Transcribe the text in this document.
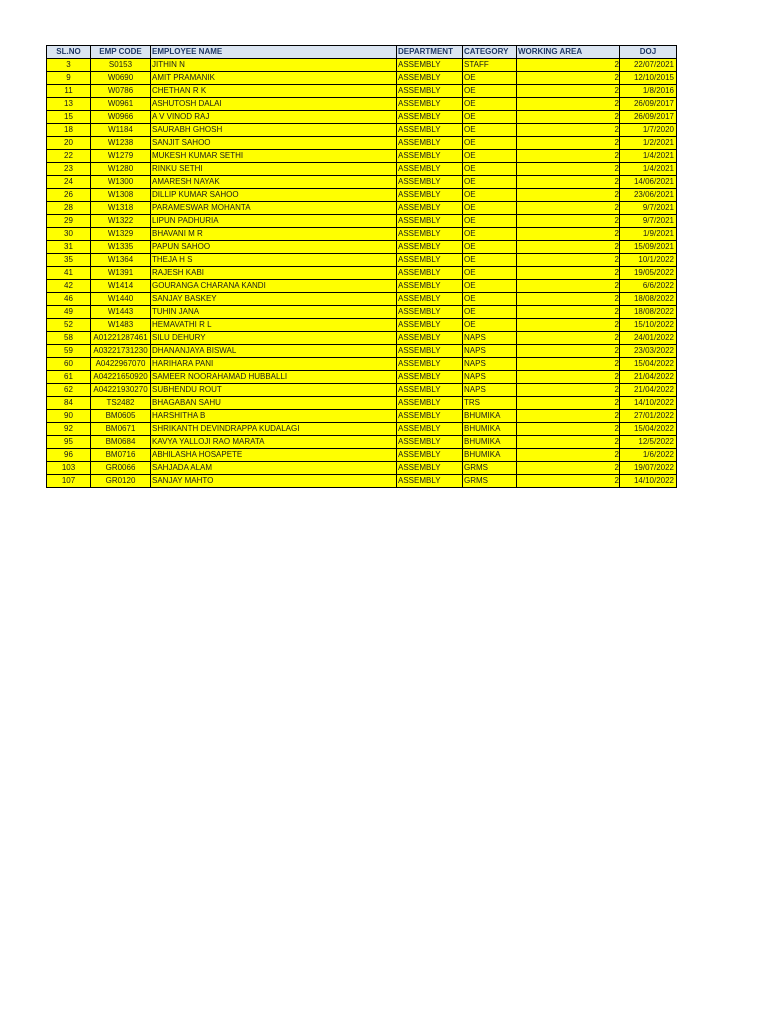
SL.NO	EMP CODE	EMPLOYEE NAME	DEPARTMENT	CATEGORY	WORKING AREA	DOJ
3	S0153	JITHIN N	ASSEMBLY	STAFF	2	22/07/2021
9	W0690	AMIT PRAMANIK	ASSEMBLY	OE	2	12/10/2015
11	W0786	CHETHAN R K	ASSEMBLY	OE	2	1/8/2016
13	W0961	ASHUTOSH DALAI	ASSEMBLY	OE	2	26/09/2017
15	W0966	A V VINOD RAJ	ASSEMBLY	OE	2	26/09/2017
18	W1184	SAURABH GHOSH	ASSEMBLY	OE	2	1/7/2020
20	W1238	SANJIT SAHOO	ASSEMBLY	OE	2	1/2/2021
22	W1279	MUKESH KUMAR SETHI	ASSEMBLY	OE	2	1/4/2021
23	W1280	RINKU SETHI	ASSEMBLY	OE	2	1/4/2021
24	W1300	AMARESH NAYAK	ASSEMBLY	OE	2	14/06/2021
26	W1308	DILLIP KUMAR SAHOO	ASSEMBLY	OE	2	23/06/2021
28	W1318	PARAMESWAR MOHANTA	ASSEMBLY	OE	2	9/7/2021
29	W1322	LIPUN PADHURIA	ASSEMBLY	OE	2	9/7/2021
30	W1329	BHAVANI M R	ASSEMBLY	OE	2	1/9/2021
31	W1335	PAPUN SAHOO	ASSEMBLY	OE	2	15/09/2021
35	W1364	THEJA H S	ASSEMBLY	OE	2	10/1/2022
41	W1391	RAJESH KABI	ASSEMBLY	OE	2	19/05/2022
42	W1414	GOURANGA CHARANA KANDI	ASSEMBLY	OE	2	6/6/2022
46	W1440	SANJAY BASKEY	ASSEMBLY	OE	2	18/08/2022
49	W1443	TUHIN JANA	ASSEMBLY	OE	2	18/08/2022
52	W1483	HEMAVATHI R L	ASSEMBLY	OE	2	15/10/2022
58	A01221287461	SILU DEHURY	ASSEMBLY	NAPS	2	24/01/2022
59	A03221731230	DHANANJAYA BISWAL	ASSEMBLY	NAPS	2	23/03/2022
60	A0422967070	HARIHARA PANI	ASSEMBLY	NAPS	2	15/04/2022
61	A04221650920	SAMEER NOORAHAMAD HUBBALLI	ASSEMBLY	NAPS	2	21/04/2022
62	A04221930270	SUBHENDU ROUT	ASSEMBLY	NAPS	2	21/04/2022
84	TS2482	BHAGABAN SAHU	ASSEMBLY	TRS	2	14/10/2022
90	BM0605	HARSHITHA B	ASSEMBLY	BHUMIKA	2	27/01/2022
92	BM0671	SHRIKANTH DEVINDRAPPA KUDALAGI	ASSEMBLY	BHUMIKA	2	15/04/2022
95	BM0684	KAVYA YALLOJI RAO MARATA	ASSEMBLY	BHUMIKA	2	12/5/2022
96	BM0716	ABHILASHA HOSAPETE	ASSEMBLY	BHUMIKA	2	1/6/2022
103	GR0066	SAHJADA ALAM	ASSEMBLY	GRMS	2	19/07/2022
107	GR0120	SANJAY MAHTO	ASSEMBLY	GRMS	2	14/10/2022
